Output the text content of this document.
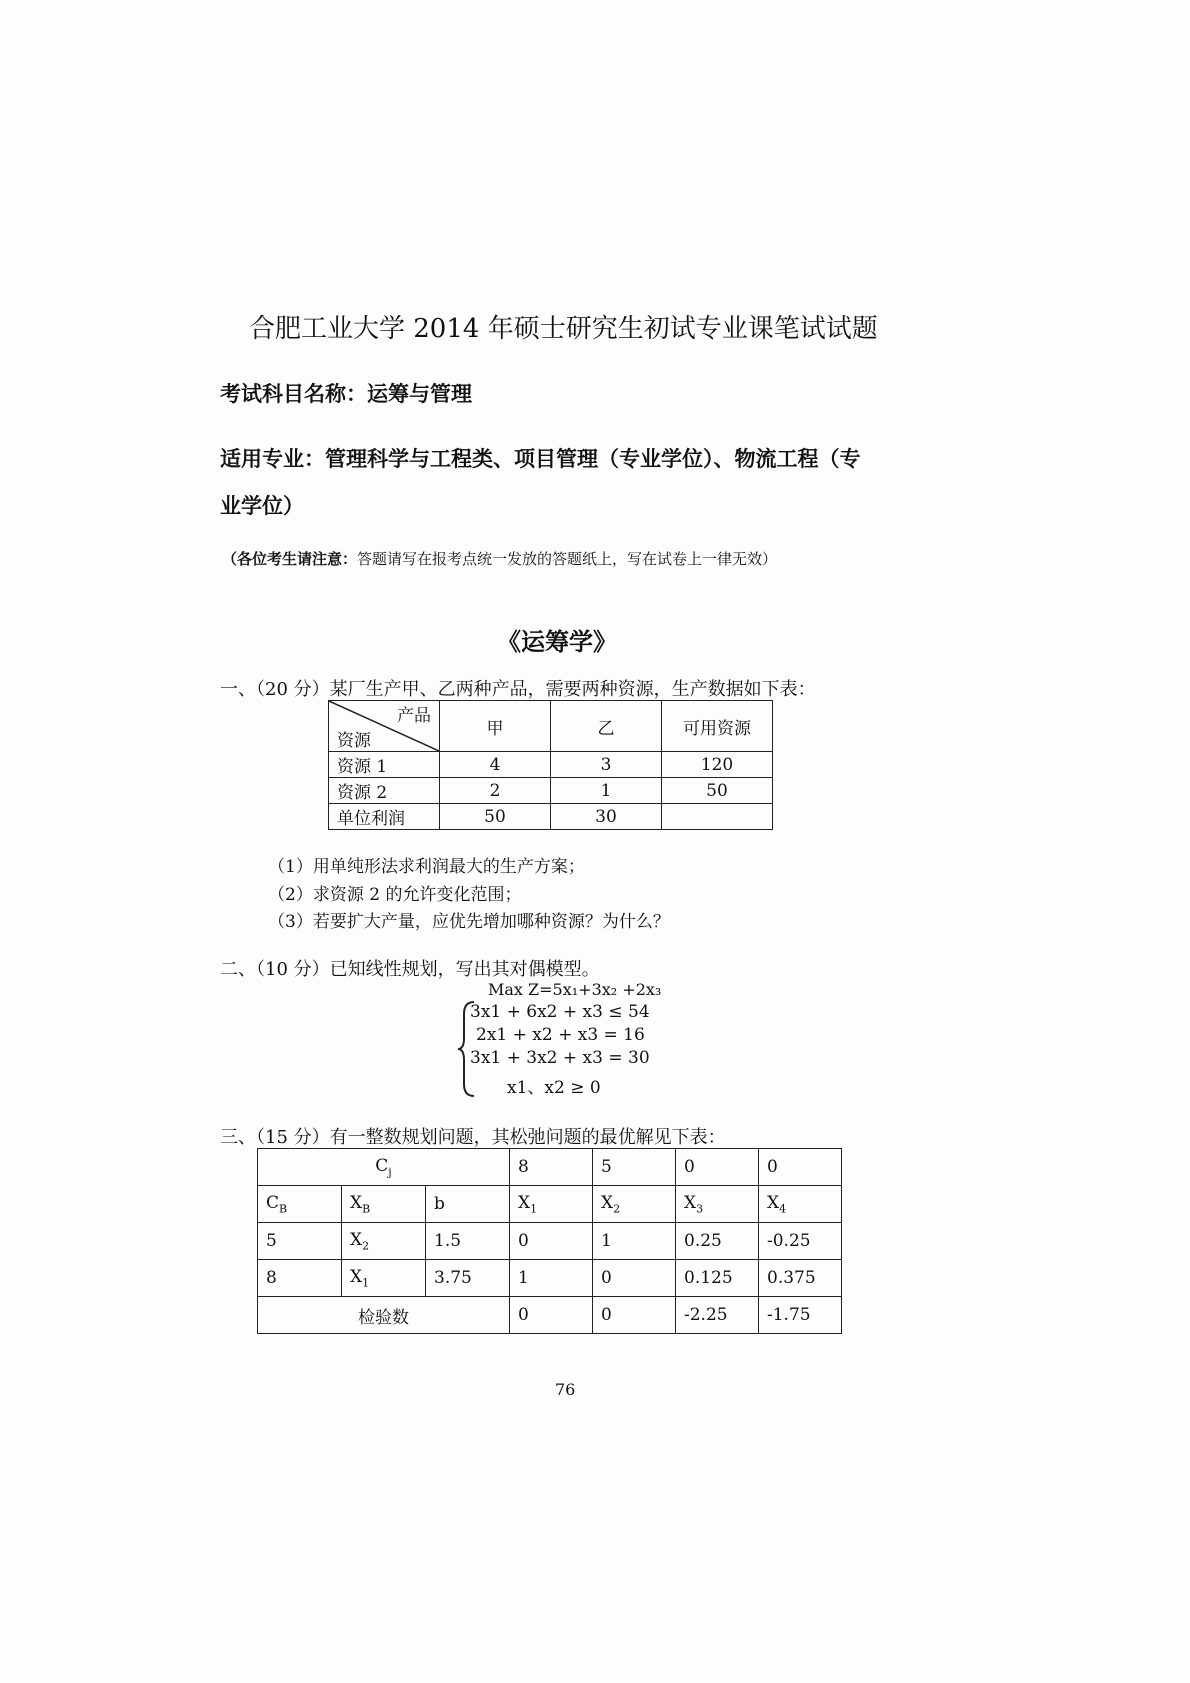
合肥工业大学 2014 年硕士研究生初试专业课笔试试题
考试科目名称：运筹与管理
适用专业：管理科学与工程类、项目管理（专业学位）、物流工程（专
业学位）
（各位考生请注意：答题请写在报考点统一发放的答题纸上，写在试卷上一律无效）
《运筹学》
一、（20 分）某厂生产甲、乙两种产品，需要两种资源，生产数据如下表：
产品
资源	甲	乙	可用资源
资源 1	4	3	120
资源 2	2	1	50
单位利润	50	30	
（1）用单纯形法求利润最大的生产方案；
（2）求资源 2 的允许变化范围；
（3）若要扩大产量，应优先增加哪种资源？为什么？
二、（10 分）已知线性规划，写出其对偶模型。
Max Z=5x₁+3x₂ +2x₃
3x1 + 6x2 + x3 ≤ 54
2x1 + x2 + x3 = 16
3x1 + 3x2 + x3 = 30
x1、x2 ≥ 0
三、（15 分）有一整数规划问题，其松弛问题的最优解见下表：
$C_j$			8	5	0	0
$C_B$	$X_B$	b	$X_1$	$X_2$	$X_3$	$X_4$
5	$X_2$	1.5	0	1	0.25	-0.25
8	$X_1$	3.75	1	0	0.125	0.375
检验数			0	0	-2.25	-1.75
76
